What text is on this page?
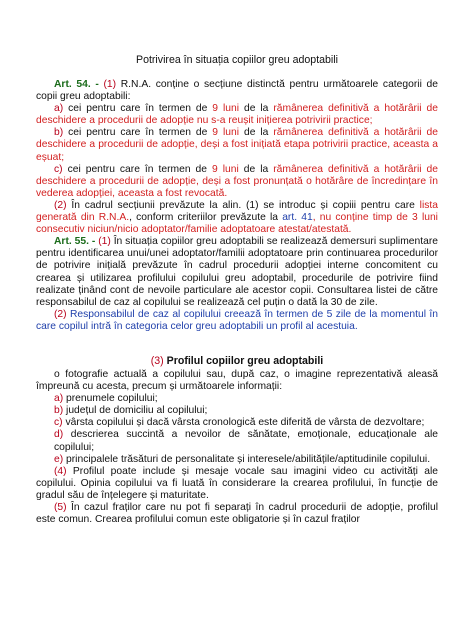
Potrivirea în situația copiilor greu adoptabili

Art. 54. - (1) R.N.A. conține o secțiune distinctă pentru următoarele categorii de copii greu adoptabili:

a) cei pentru care în termen de 9 luni de la rămânerea definitivă a hotărârii de deschidere a procedurii de adopție nu s-a reușit inițierea potrivirii practice;

b) cei pentru care în termen de 9 luni de la rămânerea definitivă a hotărârii de deschidere a procedurii de adopție, deși a fost inițiată etapa potrivirii practice, aceasta a eșuat;

c) cei pentru care în termen de 9 luni de la rămânerea definitivă a hotărârii de deschidere a procedurii de adopție, deși a fost pronunțată o hotărâre de încredințare în vederea adopției, aceasta a fost revocată.

(2) În cadrul secțiunii prevăzute la alin. (1) se introduc și copiii pentru care lista generată din R.N.A., conform criteriilor prevăzute la art. 41, nu conține timp de 3 luni consecutiv niciun/nicio adoptator/familie adoptatoare atestat/atestată.

Art. 55. - (1) În situația copiilor greu adoptabili se realizează demersuri suplimentare pentru identificarea unui/unei adoptator/familii adoptatoare prin continuarea procedurilor de potrivire inițială prevăzute în cadrul procedurii adopției interne concomitent cu crearea și utilizarea profilului copilului greu adoptabil, procedurile de potrivire fiind realizate ținând cont de nevoile particulare ale acestor copii. Consultarea listei de către responsabilul de caz al copilului se realizează cel puțin o dată la 30 de zile.

(2) Responsabilul de caz al copilului creează în termen de 5 zile de la momentul în care copilul intră în categoria celor greu adoptabili un profil al acestuia.

(3) Profilul copiilor greu adoptabili

o fotografie actuală a copilului sau, după caz, o imagine reprezentativă aleasă împreună cu acesta, precum și următoarele informații:

a) prenumele copilului;

b) județul de domiciliu al copilului;

c) vârsta copilului și dacă vârsta cronologică este diferită de vârsta de dezvoltare;

d) descrierea succintă a nevoilor de sănătate, emoționale, educaționale ale copilului;

e) principalele trăsături de personalitate și interesele/abilitățile/aptitudinile copilului.

(4) Profilul poate include și mesaje vocale sau imagini video cu activități ale copilului. Opinia copilului va fi luată în considerare la crearea profilului, în funcție de gradul său de înțelegere și maturitate.

(5) În cazul fraților care nu pot fi separați în cadrul procedurii de adopție, profilul este comun. Crearea profilului comun este obligatorie și în cazul fraților
